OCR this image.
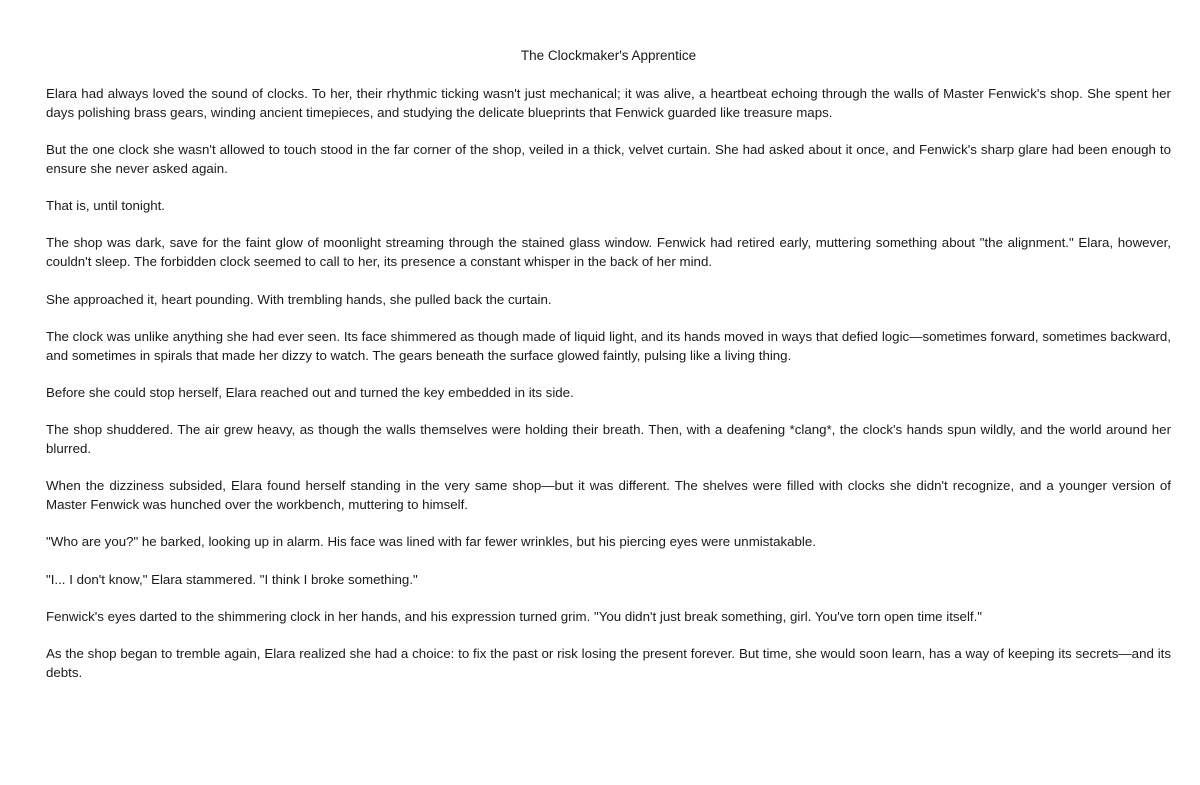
The Clockmaker's Apprentice

Elara had always loved the sound of clocks. To her, their rhythmic ticking wasn't just mechanical; it was alive, a heartbeat echoing through the walls of Master Fenwick's shop. She spent her days polishing brass gears, winding ancient timepieces, and studying the delicate blueprints that Fenwick guarded like treasure maps.

But the one clock she wasn't allowed to touch stood in the far corner of the shop, veiled in a thick, velvet curtain. She had asked about it once, and Fenwick's sharp glare had been enough to ensure she never asked again.

That is, until tonight.

The shop was dark, save for the faint glow of moonlight streaming through the stained glass window. Fenwick had retired early, muttering something about "the alignment." Elara, however, couldn't sleep. The forbidden clock seemed to call to her, its presence a constant whisper in the back of her mind.

She approached it, heart pounding. With trembling hands, she pulled back the curtain.

The clock was unlike anything she had ever seen. Its face shimmered as though made of liquid light, and its hands moved in ways that defied logic—sometimes forward, sometimes backward, and sometimes in spirals that made her dizzy to watch. The gears beneath the surface glowed faintly, pulsing like a living thing.

Before she could stop herself, Elara reached out and turned the key embedded in its side.

The shop shuddered. The air grew heavy, as though the walls themselves were holding their breath. Then, with a deafening *clang*, the clock's hands spun wildly, and the world around her blurred.

When the dizziness subsided, Elara found herself standing in the very same shop—but it was different. The shelves were filled with clocks she didn't recognize, and a younger version of Master Fenwick was hunched over the workbench, muttering to himself.

"Who are you?" he barked, looking up in alarm. His face was lined with far fewer wrinkles, but his piercing eyes were unmistakable.

"I... I don't know," Elara stammered. "I think I broke something."

Fenwick's eyes darted to the shimmering clock in her hands, and his expression turned grim. "You didn't just break something, girl. You've torn open time itself."

As the shop began to tremble again, Elara realized she had a choice: to fix the past or risk losing the present forever. But time, she would soon learn, has a way of keeping its secrets—and its debts.
